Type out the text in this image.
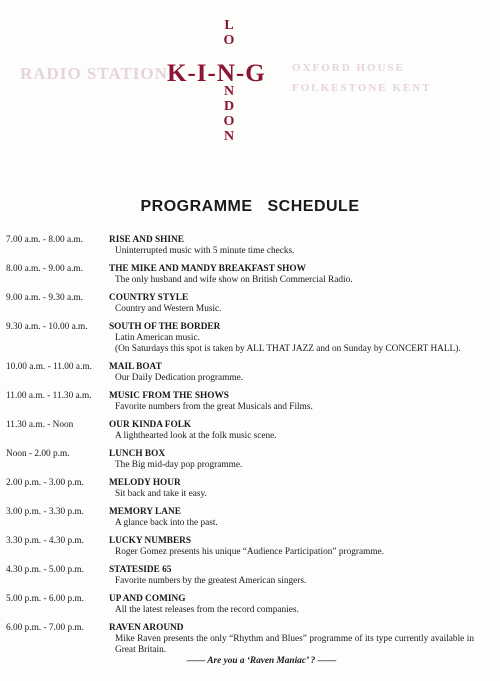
RADIO STATION	OXFORD HOUSE
FOLKESTONE KENT
K-I-N-G
L
O
N
D
O
N
PROGRAMME SCHEDULE
7.00 a.m. - 8.00 a.m.	RISE AND SHINE
Uninterrupted music with 5 minute time checks.
8.00 a.m. - 9.00 a.m.	THE MIKE AND MANDY BREAKFAST SHOW
The only husband and wife show on British Commercial Radio.
9.00 a.m. - 9.30 a.m.	COUNTRY STYLE
Country and Western Music.
9.30 a.m. - 10.00 a.m. SOUTH OF THE BORDER
Latin American music.
(On Saturdays this spot is taken by ALL THAT JAZZ and on Sunday by CONCERT HALL).
10.00 a.m. - 11.00 a.m. MAIL BOAT
Our Daily Dedication programme.
11.00 a.m. - 11.30 a.m. MUSIC FROM THE SHOWS
Favorite numbers from the great Musicals and Films.
11.30 a.m. - Noon	OUR KINDA FOLK
A lighthearted look at the folk music scene.
Noon - 2.00 p.m.	LUNCH BOX
The Big mid-day pop programme.
2.00 p.m. - 3.00 p.m.	MELODY HOUR
Sit back and take it easy.
3.00 p.m. - 3.30 p.m.	MEMORY LANE
A glance back into the past.
3.30 p.m. - 4.30 p.m.	LUCKY NUMBERS
Roger Gomez presents his unique “Audience Participation” programme.
4.30 p.m. - 5.00 p.m.	STATESIDE 65
Favorite numbers by the greatest American singers.
5.00 p.m. - 6.00 p.m.	UP AND COMING
All the latest releases from the record companies.
6.00 p.m. - 7.00 p.m.	RAVEN AROUND
Mike Raven presents the only “Rhythm and Blues” programme of its type currently available in Great Britain.
—— Are you a ‘Raven Maniac’ ? ——
